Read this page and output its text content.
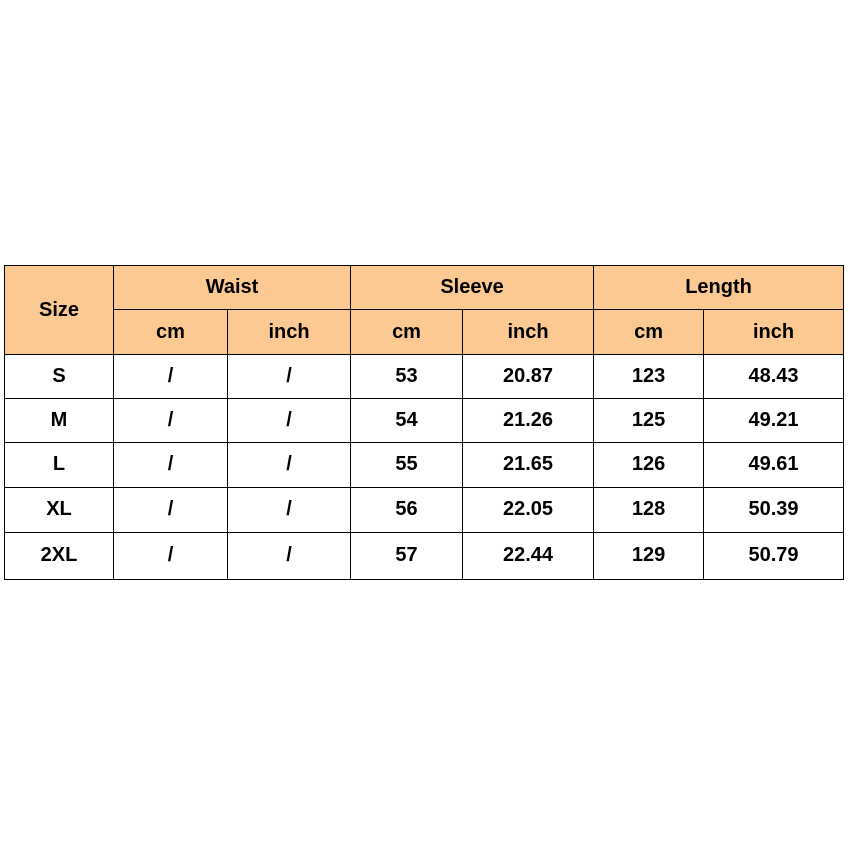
Size	Waist		Sleeve		Length	
	cm	inch	cm	inch	cm	inch
S	/	/	53	20.87	123	48.43
M	/	/	54	21.26	125	49.21
L	/	/	55	21.65	126	49.61
XL	/	/	56	22.05	128	50.39
2XL	/	/	57	22.44	129	50.79
